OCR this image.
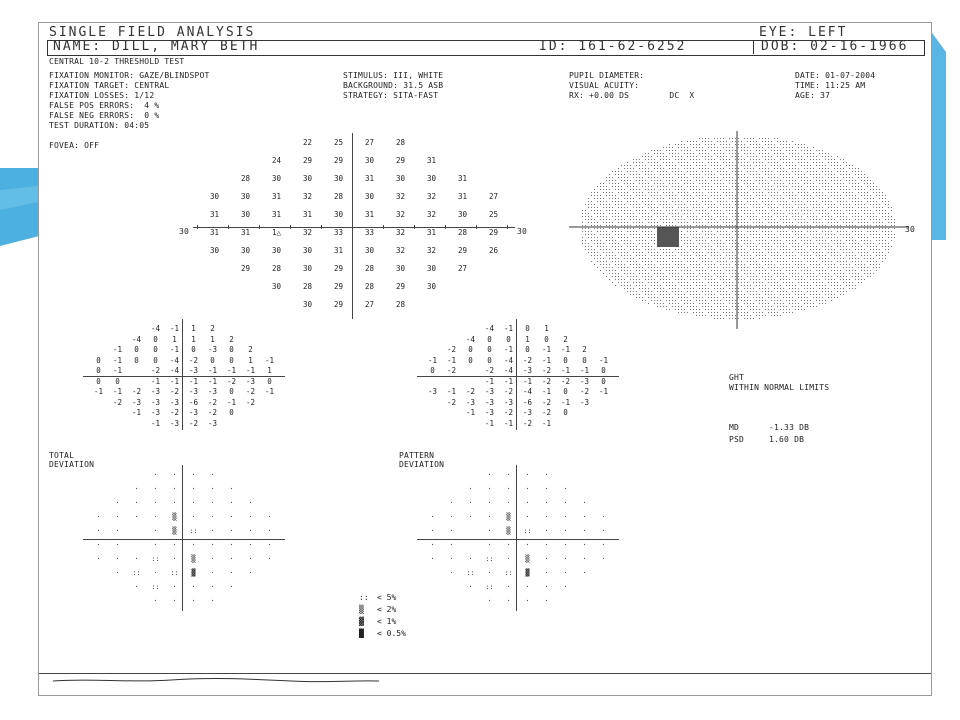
SINGLE FIELD ANALYSIS	EYE: LEFT
NAME: DILL, MARY BETH	ID: 161-62-6252	DOB: 02-16-1966
CENTRAL 10-2 THRESHOLD TEST
FIXATION MONITOR: GAZE/BLINDSPOT
FIXATION TARGET: CENTRAL
FIXATION LOSSES: 1/12
FALSE POS ERRORS:  4 %
FALSE NEG ERRORS:  0 %
TEST DURATION: 04:05
FOVEA: OFF
STIMULUS: III, WHITE
BACKGROUND: 31.5 ASB
STRATEGY: SITA-FAST
PUPIL DIAMETER:
VISUAL ACUITY:
RX: +0.00 DS        DC  X
DATE: 01-07-2004
TIME: 11:25 AM
AGE: 37
22	25	27	28
24	29	29	30	29	31
28	30	30	30	31	30	30	31
30	30	31	32	28	30	32	32	31	27
31	30	31	31	30	31	32	32	30	25
31	31	1△	32	33	33	32	31	28	29
30	30	30	30	31	30	32	32	29	26
29	28	30	29	28	30	30	27
30	28	29	28	29	30
30	29	27	28
30	30	30
-4	-1	1	2
-4	0	1	1	1	2
-1	0	0	-1	0	-3	0	2
0	-1	0	0	-4	-2	0	0	1	-1
0	-1	-2	-4	-3	-1	-1	-1	1
0	0	-1	-1	-1	-1	-2	-3	0
-1	-1	-2	-3	-2	-3	-3	0	-2	-1
-2	-3	-3	-3	-6	-2	-1	-2
-1	-3	-2	-3	-2	0
-1	-3	-2	-3
-4	-1	0	1
-4	0	0	1	0	2
-2	0	0	-1	0	-1	-1	2
-1	-1	0	0	-4	-2	-1	0	0	-1
0	-2	-2	-4	-3	-2	-1	-1	0
-1	-1	-1	-2	-2	-3	0
-3	-1	-2	-3	-2	-4	-1	0	-2	-1
-2	-3	-3	-3	-6	-2	-1	-3
-1	-3	-2	-3	-2	0
-1	-1	-2	-1
·	·	·	·
·	·	·	·	·	·
·	·	·	·	·	·	·	·
·	·	·	·	▒	·	·	·	·	·
·	·	·	▒	::	·	·	·	·
·	·	·	·	·	·	·	·	·
·	·	·	::	·	▒	·	·	·	·
·	::	·	::	▓	·	·	·
·	::	·	·	·	·
·	·	·	·
·	·	·	·
·	·	·	·	·	·
·	·	·	·	·	·	·	·
·	·	·	·	▒	·	·	·	·	·
·	·	·	▒	::	·	·	·	·
·	·	·	·	·	·	·	·	·
·	·	·	::	·	▒	·	·	·	·
·	::	·	::	▓	·	·	·
·	::	·	·	·	·
·	·	·	·
TOTAL
DEVIATION
PATTERN
DEVIATION
:: < 5%
▒ < 2%
▓ < 1%
█ < 0.5%
GHT
WITHIN NORMAL LIMITS
MD	-1.33 DB
PSD	1.60 DB
